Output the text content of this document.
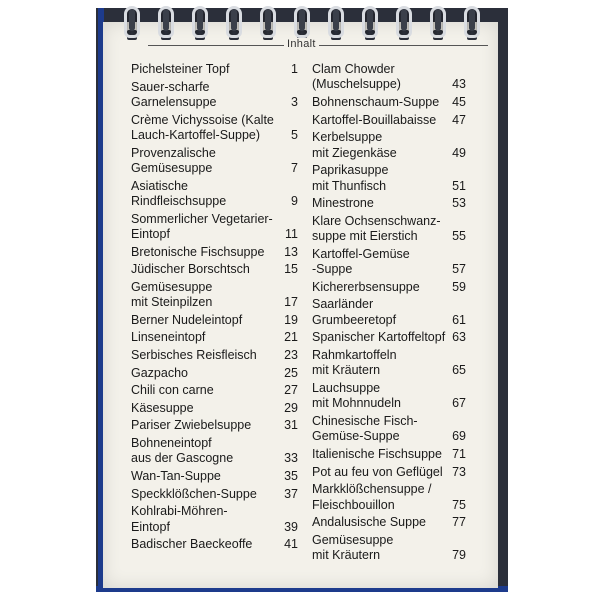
Inhalt
Pichelsteiner Topf	1
Sauer-scharfe
Garnelensuppe	3
Crème Vichyssoise (Kalte
Lauch-Kartoffel-Suppe)	5
Provenzalische
Gemüsesuppe	7
Asiatische
Rindfleischsuppe	9
Sommerlicher Vegetarier-
Eintopf	11
Bretonische Fischsuppe	13
Jüdischer Borschtsch	15
Gemüsesuppe
mit Steinpilzen	17
Berner Nudeleintopf	19
Linseneintopf	21
Serbisches Reisfleisch	23
Gazpacho	25
Chili con carne	27
Käsesuppe	29
Pariser Zwiebelsuppe	31
Bohneneintopf
aus der Gascogne	33
Wan-Tan-Suppe	35
Speckklößchen-Suppe	37
Kohlrabi-Möhren-
Eintopf	39
Badischer Baeckeoffe	41
Clam Chowder
(Muschelsuppe)	43
Bohnenschaum-Suppe	45
Kartoffel-Bouillabaisse	47
Kerbelsuppe
mit Ziegenkäse	49
Paprikasuppe
mit Thunfisch	51
Minestrone	53
Klare Ochsenschwanz-
suppe mit Eierstich	55
Kartoffel-Gemüse
-Suppe	57
Kichererbsensuppe	59
Saarländer
Grumbeeretopf	61
Spanischer Kartoffeltopf 63
Rahmkartoffeln
mit Kräutern	65
Lauchsuppe
mit Mohnnudeln	67
Chinesische Fisch-
Gemüse-Suppe	69
Italienische Fischsuppe 71
Pot au feu von Geflügel 73
Markklößchensuppe /
Fleischbouillon	75
Andalusische Suppe	77
Gemüsesuppe
mit Kräutern	79
